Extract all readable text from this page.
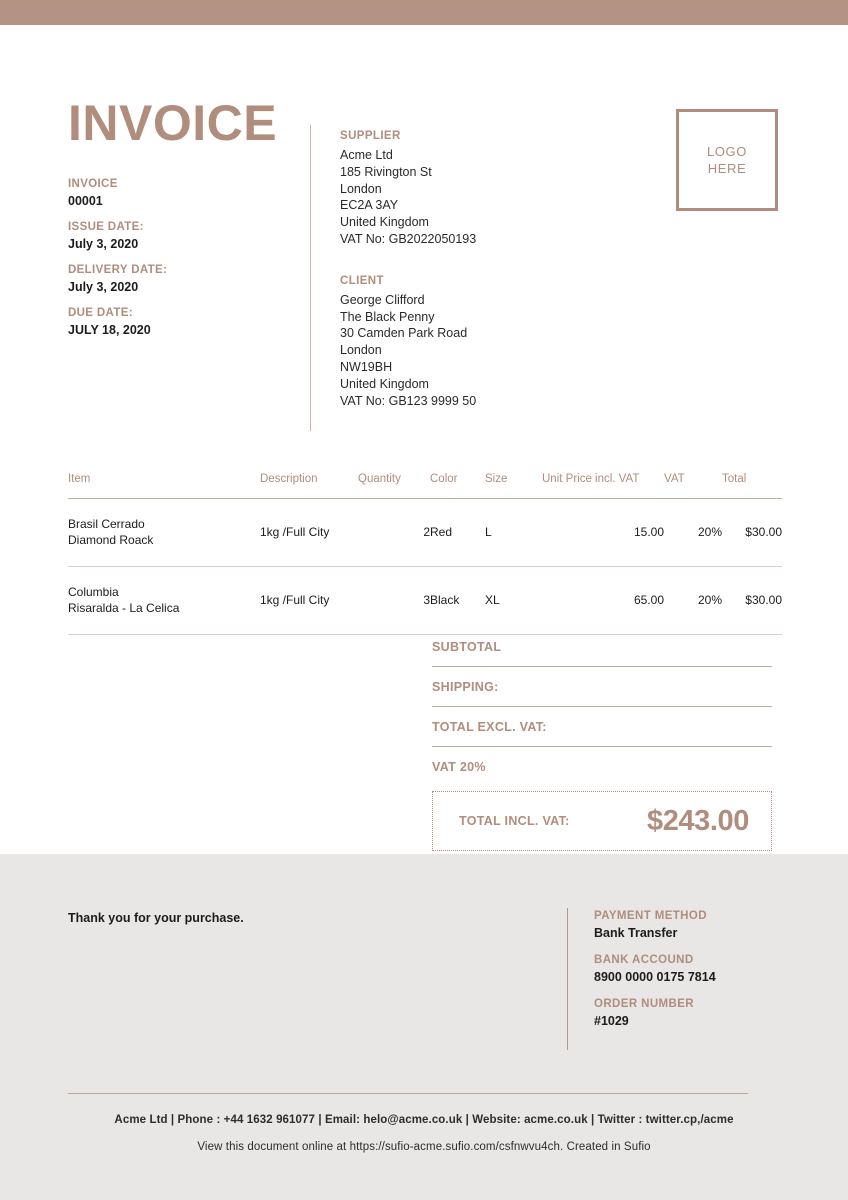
INVOICE
INVOICE
00001
ISSUE DATE:
July 3, 2020
DELIVERY DATE:
July 3, 2020
DUE DATE:
JULY 18, 2020
SUPPLIER
Acme Ltd
185 Rivington St
London
EC2A 3AY
United Kingdom
VAT No: GB2022050193
CLIENT
George Clifford
The Black Penny
30 Camden Park Road
London
NW19BH
United Kingdom
VAT No: GB123 9999 50
LOGO
HERE
Item	Description	Quantity	Color	Size	Unit Price incl. VAT	VAT	Total

Brasil Cerrado
Diamond Roack	1kg /Full City	2	Red	L	15.00	20%	$30.00

Columbia
Risaralda - La Celica	1kg /Full City	3	Black	XL	65.00	20%	$30.00
SUBTOTAL
SHIPPING:
TOTAL EXCL. VAT:
VAT 20%
TOTAL INCL. VAT:	$243.00
Thank you for your purchase.	PAYMENT METHOD
Bank Transfer
BANK ACCOUND
8900 0000 0175 7814
ORDER NUMBER
#1029
Acme Ltd | Phone : +44 1632 961077 | Email: helo@acme.co.uk | Website: acme.co.uk | Twitter : twitter.cp,/acme
View this document online at https://sufio-acme.sufio.com/csfnwvu4ch. Created in Sufio
